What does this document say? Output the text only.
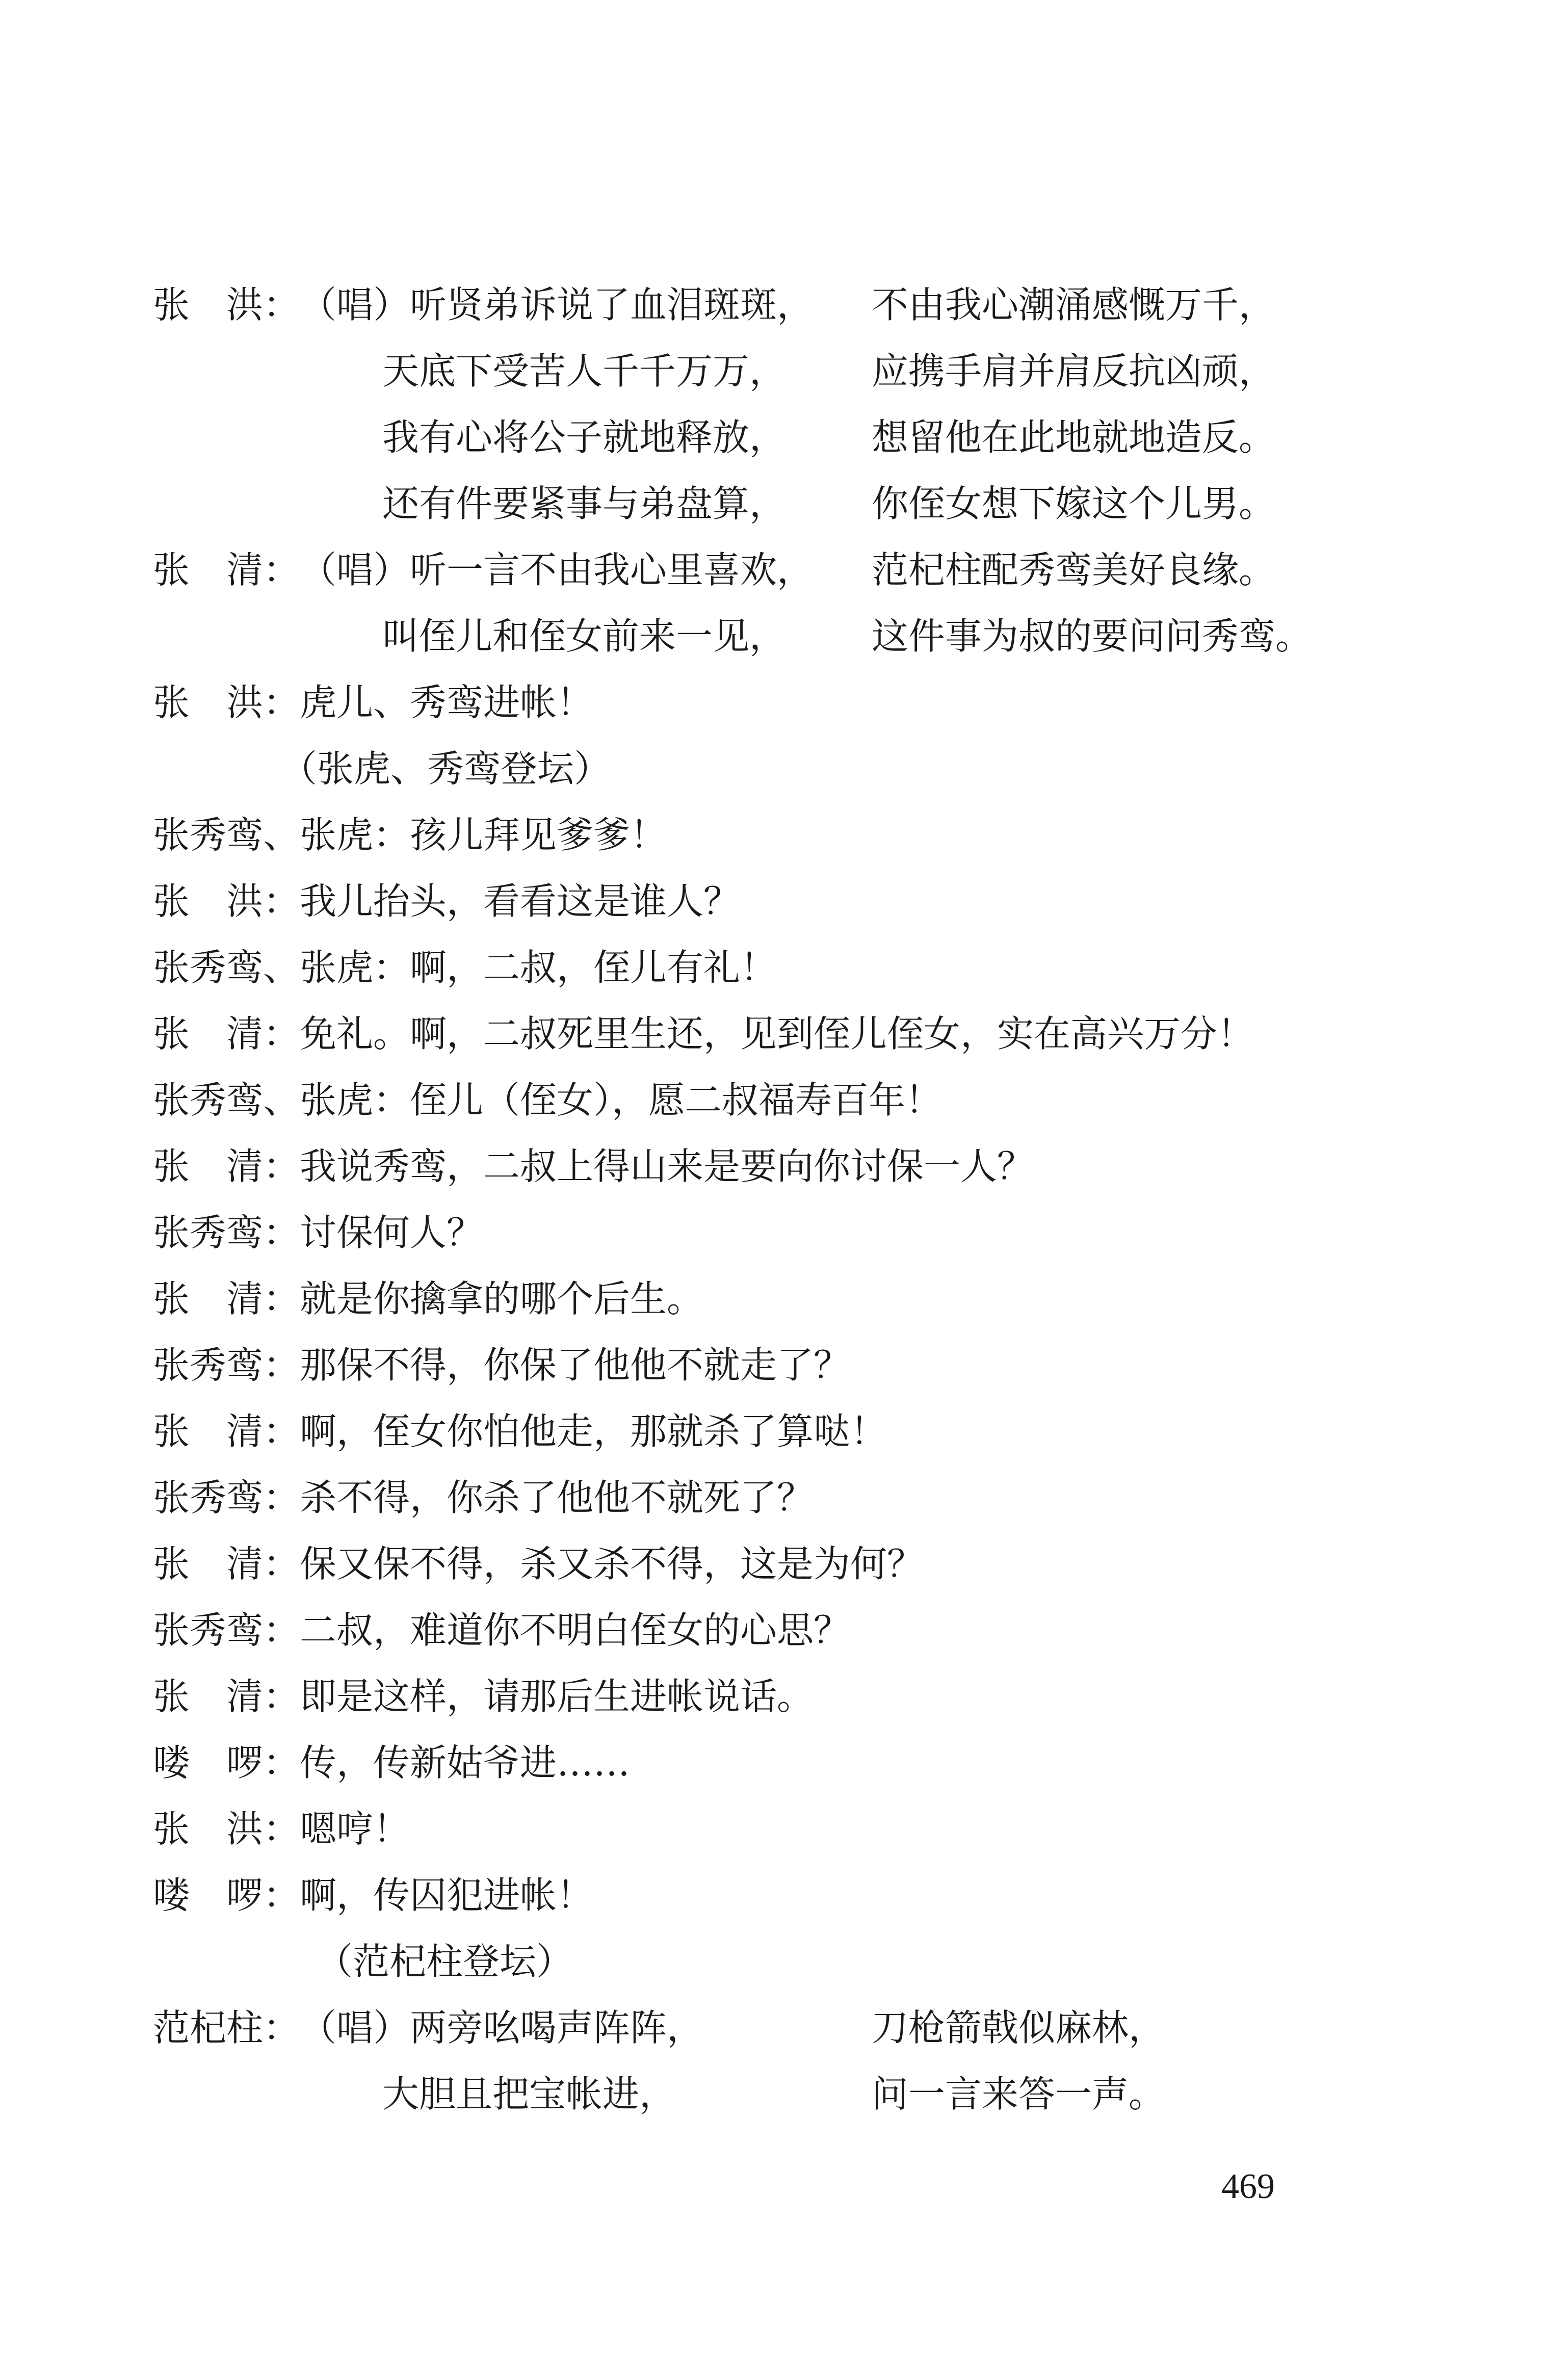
张　洪：（唱）听贤弟诉说了血泪斑斑， 不由我心潮涌感慨万千，
天底下受苦人千千万万， 应携手肩并肩反抗凶顽，
我有心将公子就地释放， 想留他在此地就地造反。
还有件要紧事与弟盘算， 你侄女想下嫁这个儿男。
张　清：（唱）听一言不由我心里喜欢， 范杞柱配秀鸾美好良缘。
叫侄儿和侄女前来一见， 这件事为叔的要问问秀鸾。
张　洪：虎儿、秀鸾进帐！
（张虎、秀鸾登坛）
张秀鸾、张虎：孩儿拜见爹爹！
张　洪：我儿抬头，看看这是谁人？
张秀鸾、张虎：啊，二叔，侄儿有礼！
张　清：免礼。啊，二叔死里生还，见到侄儿侄女，实在高兴万分！
张秀鸾、张虎：侄儿（侄女），愿二叔福寿百年！
张　清：我说秀鸾，二叔上得山来是要向你讨保一人？
张秀鸾：讨保何人？
张　清：就是你擒拿的哪个后生。
张秀鸾：那保不得，你保了他他不就走了？
张　清：啊，侄女你怕他走，那就杀了算哒！
张秀鸾：杀不得，你杀了他他不就死了？
张　清：保又保不得，杀又杀不得，这是为何？
张秀鸾：二叔，难道你不明白侄女的心思？
张　清：即是这样，请那后生进帐说话。
喽　啰：传，传新姑爷进……
张　洪：嗯哼！
喽　啰：啊，传囚犯进帐！
（范杞柱登坛）
范杞柱：（唱）两旁吆喝声阵阵，	刀枪箭戟似麻林，
大胆且把宝帐进，	问一言来答一声。
469
